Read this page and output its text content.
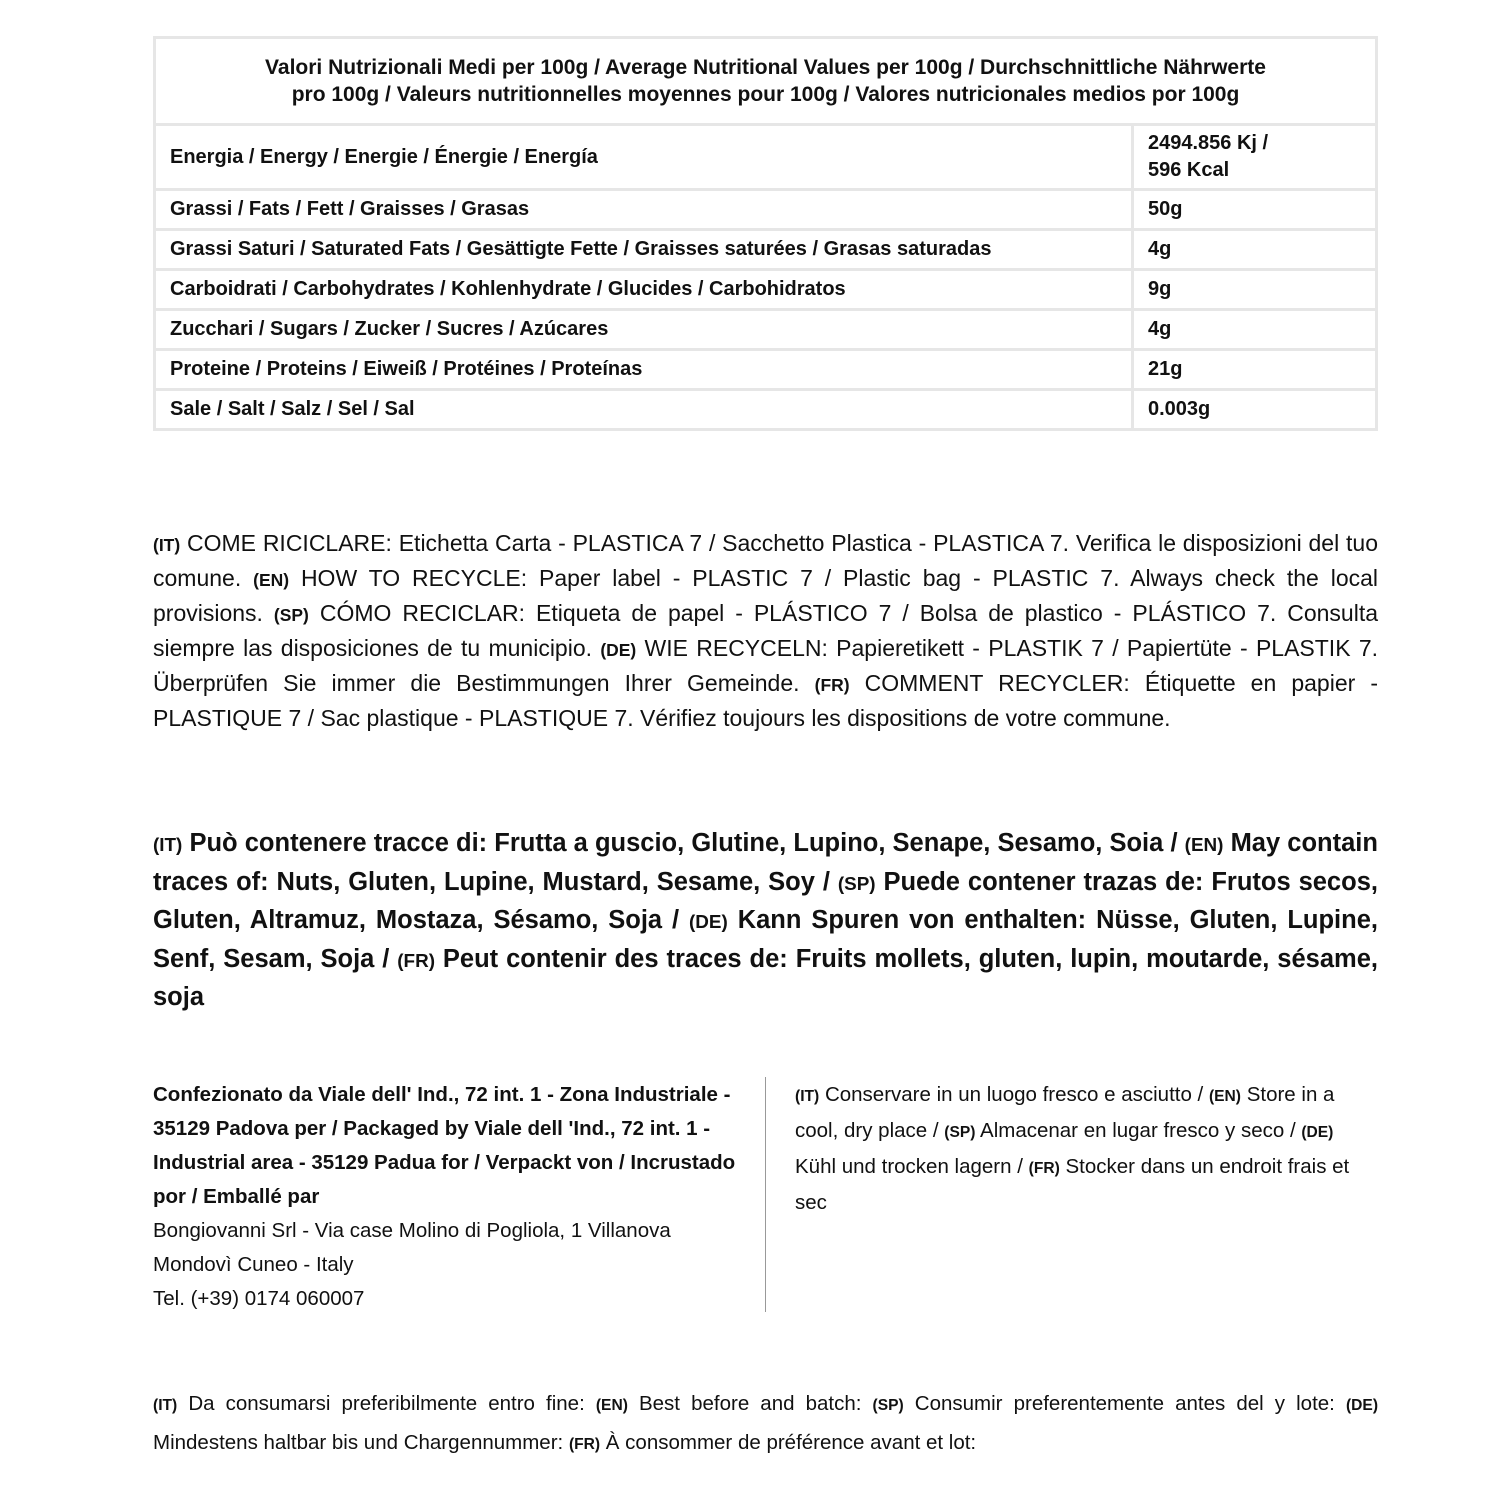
Valori Nutrizionali Medi per 100g / Average Nutritional Values per 100g / Durchschnittliche Nährwerte
pro 100g / Valeurs nutritionnelles moyennes pour 100g / Valores nutricionales medios por 100g	
Energia / Energy / Energie / Énergie / Energía	2494.856 Kj /
596 Kcal
Grassi / Fats / Fett / Graisses / Grasas	50g
Grassi Saturi / Saturated Fats / Gesättigte Fette / Graisses saturées / Grasas saturadas	4g
Carboidrati / Carbohydrates / Kohlenhydrate / Glucides / Carbohidratos	9g
Zucchari / Sugars / Zucker / Sucres / Azúcares	4g
Proteine / Proteins / Eiweiß / Protéines / Proteínas	21g
Sale / Salt / Salz / Sel / Sal	0.003g
(IT) COME RICICLARE: Etichetta Carta - PLASTICA 7 / Sacchetto Plastica - PLASTICA 7. Verifica le disposizioni del tuo comune. (EN) HOW TO RECYCLE: Paper label - PLASTIC 7 / Plastic bag - PLASTIC 7. Always check the local provisions. (SP) CÓMO RECICLAR: Etiqueta de papel - PLÁSTICO 7 / Bolsa de plastico - PLÁSTICO 7. Consulta siempre las disposiciones de tu municipio. (DE) WIE RECYCELN: Papieretikett - PLASTIK 7 / Papiertüte - PLASTIK 7. Überprüfen Sie immer die Bestimmungen Ihrer Gemeinde. (FR) COMMENT RECYCLER: Étiquette en papier - PLASTIQUE 7 / Sac plastique - PLASTIQUE 7. Vérifiez toujours les dispositions de votre commune.
(IT) Può contenere tracce di: Frutta a guscio, Glutine, Lupino, Senape, Sesamo, Soia / (EN) May contain traces of: Nuts, Gluten, Lupine, Mustard, Sesame, Soy / (SP) Puede contener trazas de: Frutos secos, Gluten, Altramuz, Mostaza, Sésamo, Soja / (DE) Kann Spuren von enthalten: Nüsse, Gluten, Lupine, Senf, Sesam, Soja / (FR) Peut contenir des traces de: Fruits mollets, gluten, lupin, moutarde, sésame, soja
Confezionato da Viale dell' Ind., 72 int. 1 - Zona Industriale - 35129 Padova per / Packaged by Viale dell 'Ind., 72 int. 1 - Industrial area - 35129 Padua for / Verpackt von / Incrustado por / Emballé par
Bongiovanni Srl - Via case Molino di Pogliola, 1 Villanova Mondovì Cuneo - Italy
Tel. (+39) 0174 060007
(IT) Conservare in un luogo fresco e asciutto / (EN) Store in a cool, dry place / (SP) Almacenar en lugar fresco y seco / (DE) Kühl und trocken lagern / (FR) Stocker dans un endroit frais et sec
(IT) Da consumarsi preferibilmente entro fine: (EN) Best before and batch: (SP) Consumir preferentemente antes del y lote: (DE) Mindestens haltbar bis und Chargennummer: (FR) À consommer de préférence avant et lot:
